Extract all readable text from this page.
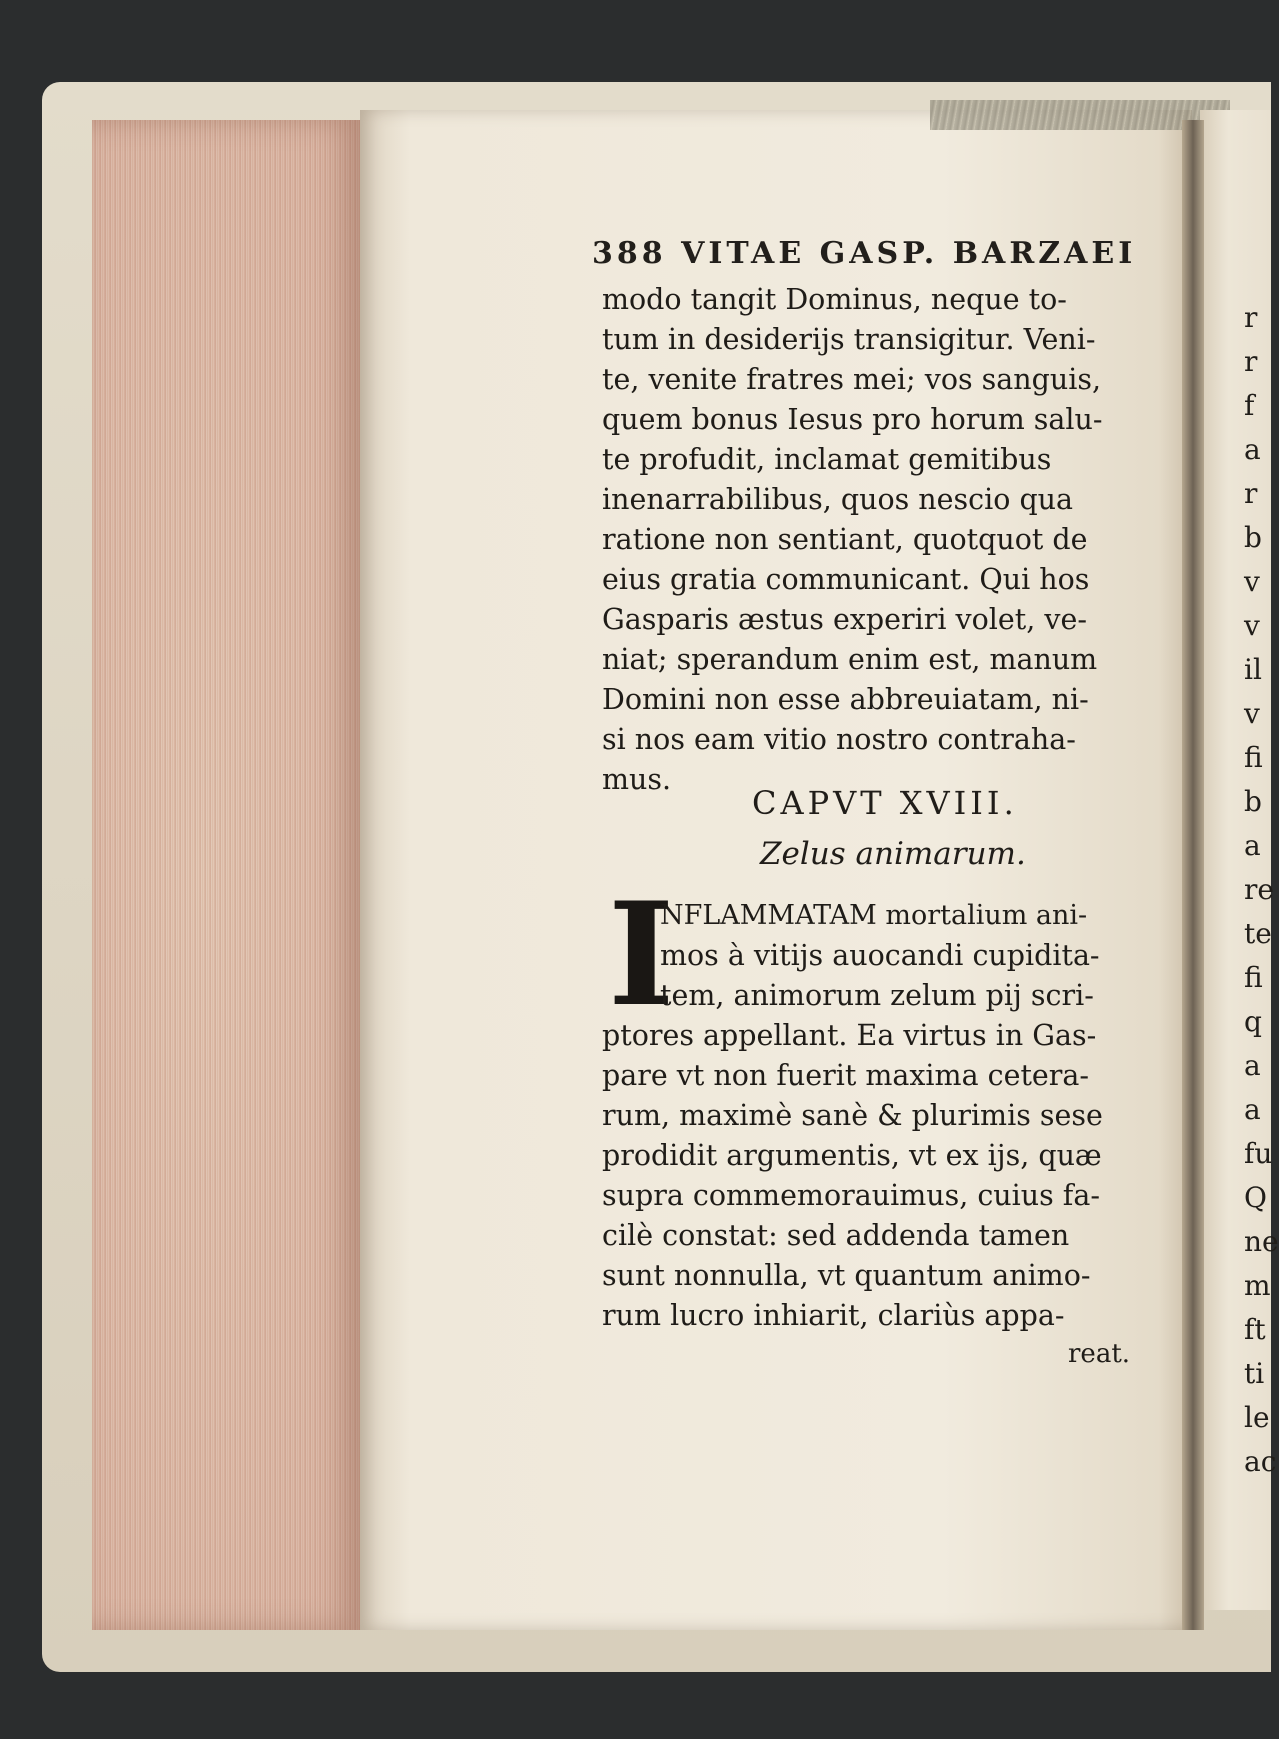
388 VITAE GASP. BARZAEI
modo tangit Dominus, neque to-
tum in desiderijs transigitur. Veni-
te, venite fratres mei; vos sanguis,
quem bonus Iesus pro horum salu-
te profudit, inclamat gemitibus
inenarrabilibus, quos nescio qua
ratione non sentiant, quotquot de
eius gratia communicant. Qui hos
Gasparis æstus experiri volet, ve-
niat; sperandum enim est, manum
Domini non esse abbreuiatam, ni-
si nos eam vitio nostro contraha-
mus.
CAPVT XVIII.
Zelus animarum.
I
NFLAMMATAM mortalium ani-
mos à vitijs auocandi cupidita-
tem, animorum zelum pij scri-
ptores appellant. Ea virtus in Gas-
pare vt non fuerit maxima cetera-
rum, maximè sanè & plurimis sese
prodidit argumentis, vt ex ijs, quæ
supra commemorauimus, cuius fa-
cilè constat: sed addenda tamen
sunt nonnulla, vt quantum animo-
rum lucro inhiarit, clariùs appa-
reat.
r
r
f
a
r
b
v
v
il
v
fi
b
a
re
te
fi
q
a
a
fu
Q
ne
m
ft
ti
le
ac
